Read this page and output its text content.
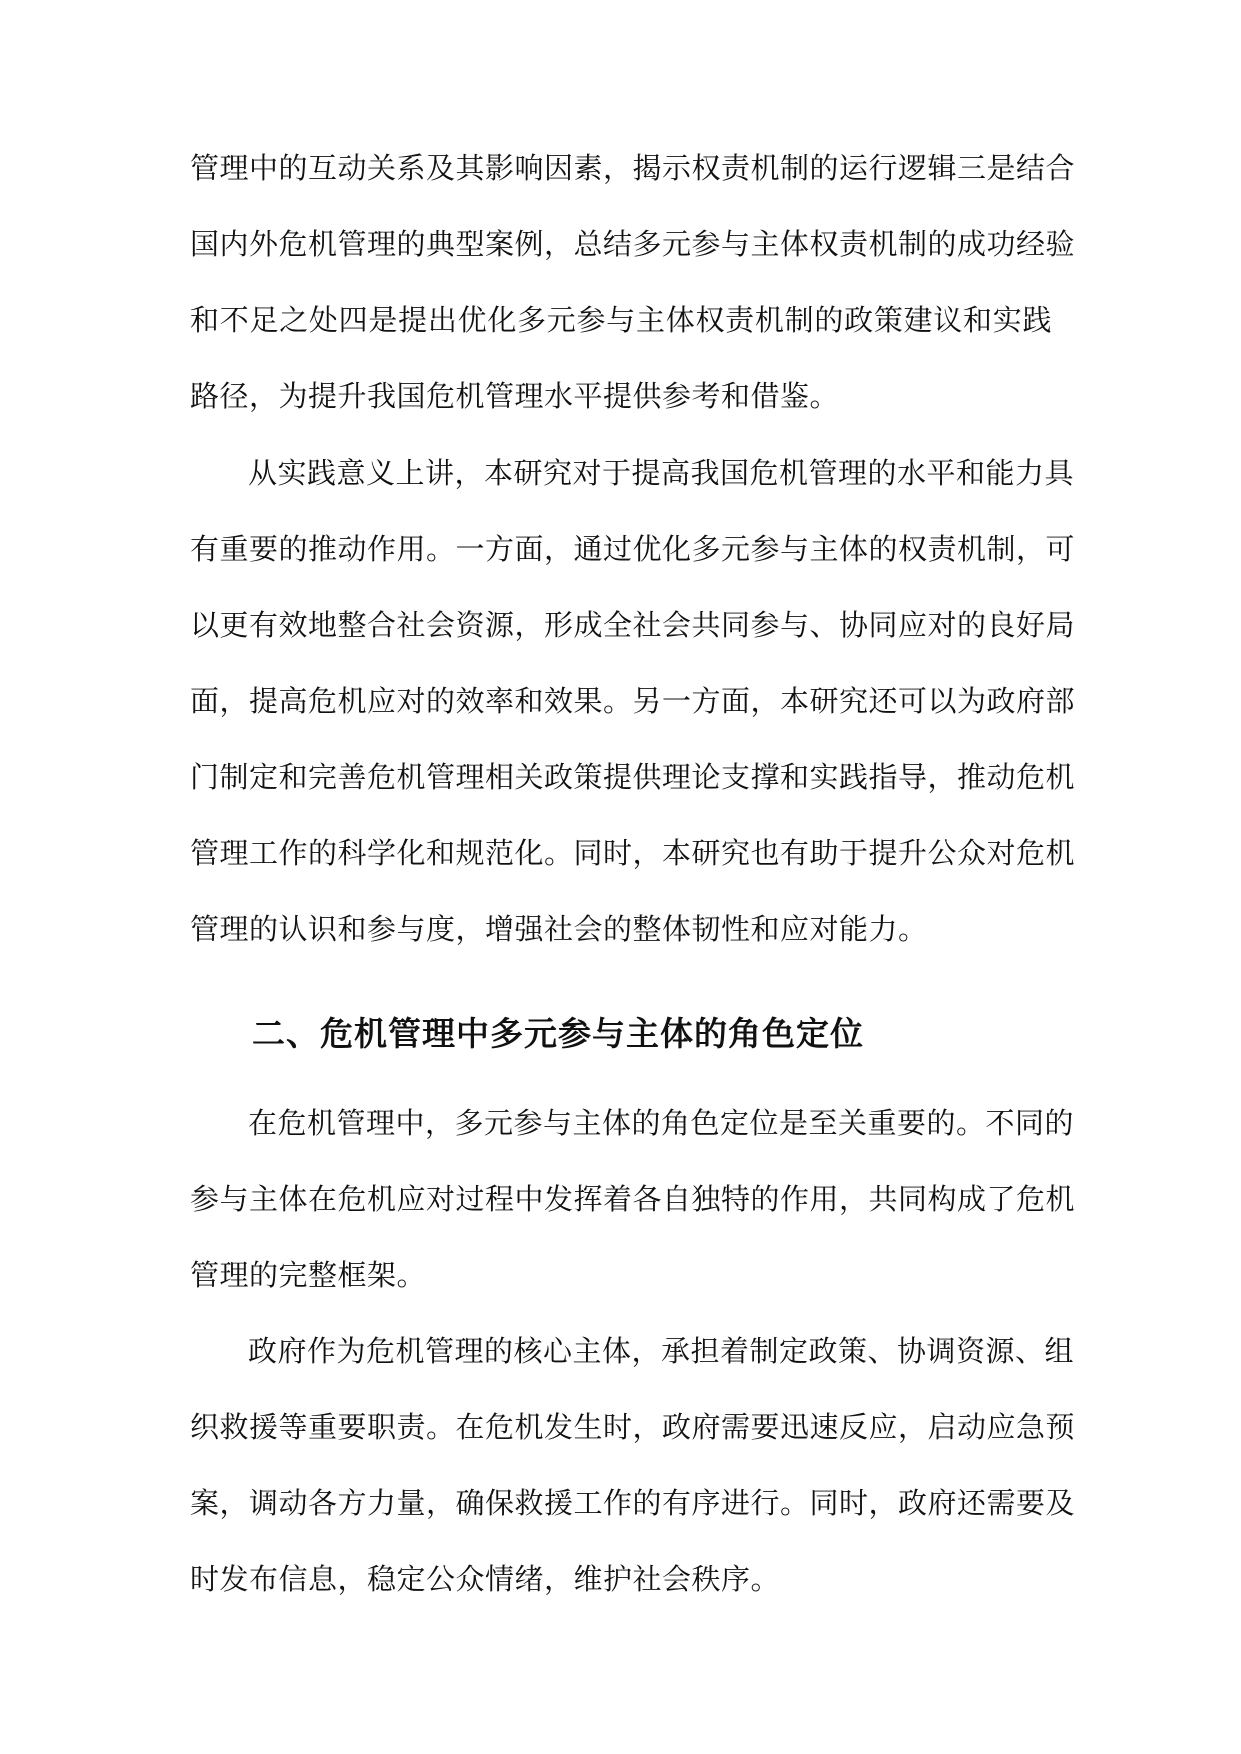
管理中的互动关系及其影响因素，揭示权责机制的运行逻辑三是结合
国内外危机管理的典型案例，总结多元参与主体权责机制的成功经验
和不足之处四是提出优化多元参与主体权责机制的政策建议和实践
路径，为提升我国危机管理水平提供参考和借鉴。
从实践意义上讲，本研究对于提高我国危机管理的水平和能力具
有重要的推动作用。一方面，通过优化多元参与主体的权责机制，可
以更有效地整合社会资源，形成全社会共同参与、协同应对的良好局
面，提高危机应对的效率和效果。另一方面，本研究还可以为政府部
门制定和完善危机管理相关政策提供理论支撑和实践指导，推动危机
管理工作的科学化和规范化。同时，本研究也有助于提升公众对危机
管理的认识和参与度，增强社会的整体韧性和应对能力。
二、危机管理中多元参与主体的角色定位
在危机管理中，多元参与主体的角色定位是至关重要的。不同的
参与主体在危机应对过程中发挥着各自独特的作用，共同构成了危机
管理的完整框架。
政府作为危机管理的核心主体，承担着制定政策、协调资源、组
织救援等重要职责。在危机发生时，政府需要迅速反应，启动应急预
案，调动各方力量，确保救援工作的有序进行。同时，政府还需要及
时发布信息，稳定公众情绪，维护社会秩序。
